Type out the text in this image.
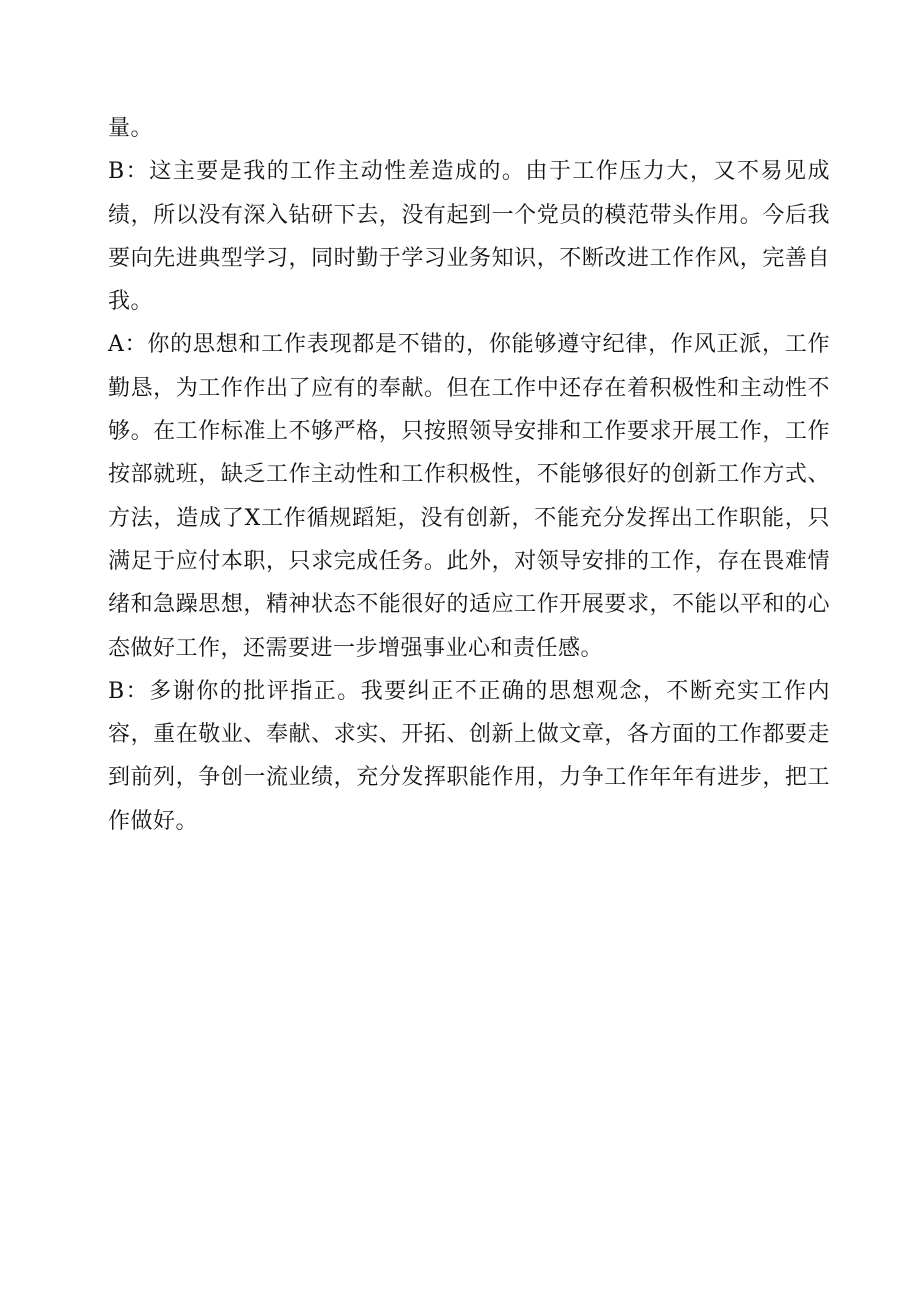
量。

B：这主要是我的工作主动性差造成的。由于工作压力大，又不易见成绩，所以没有深入钻研下去，没有起到一个党员的模范带头作用。今后我要向先进典型学习，同时勤于学习业务知识，不断改进工作作风，完善自我。

A：你的思想和工作表现都是不错的，你能够遵守纪律，作风正派，工作勤恳，为工作作出了应有的奉献。但在工作中还存在着积极性和主动性不够。在工作标准上不够严格，只按照领导安排和工作要求开展工作，工作按部就班，缺乏工作主动性和工作积极性，不能够很好的创新工作方式、方法，造成了X工作循规蹈矩，没有创新，不能充分发挥出工作职能，只满足于应付本职，只求完成任务。此外，对领导安排的工作，存在畏难情绪和急躁思想，精神状态不能很好的适应工作开展要求，不能以平和的心态做好工作，还需要进一步增强事业心和责任感。

B：多谢你的批评指正。我要纠正不正确的思想观念，不断充实工作内容，重在敬业、奉献、求实、开拓、创新上做文章，各方面的工作都要走到前列，争创一流业绩，充分发挥职能作用，力争工作年年有进步，把工作做好。
